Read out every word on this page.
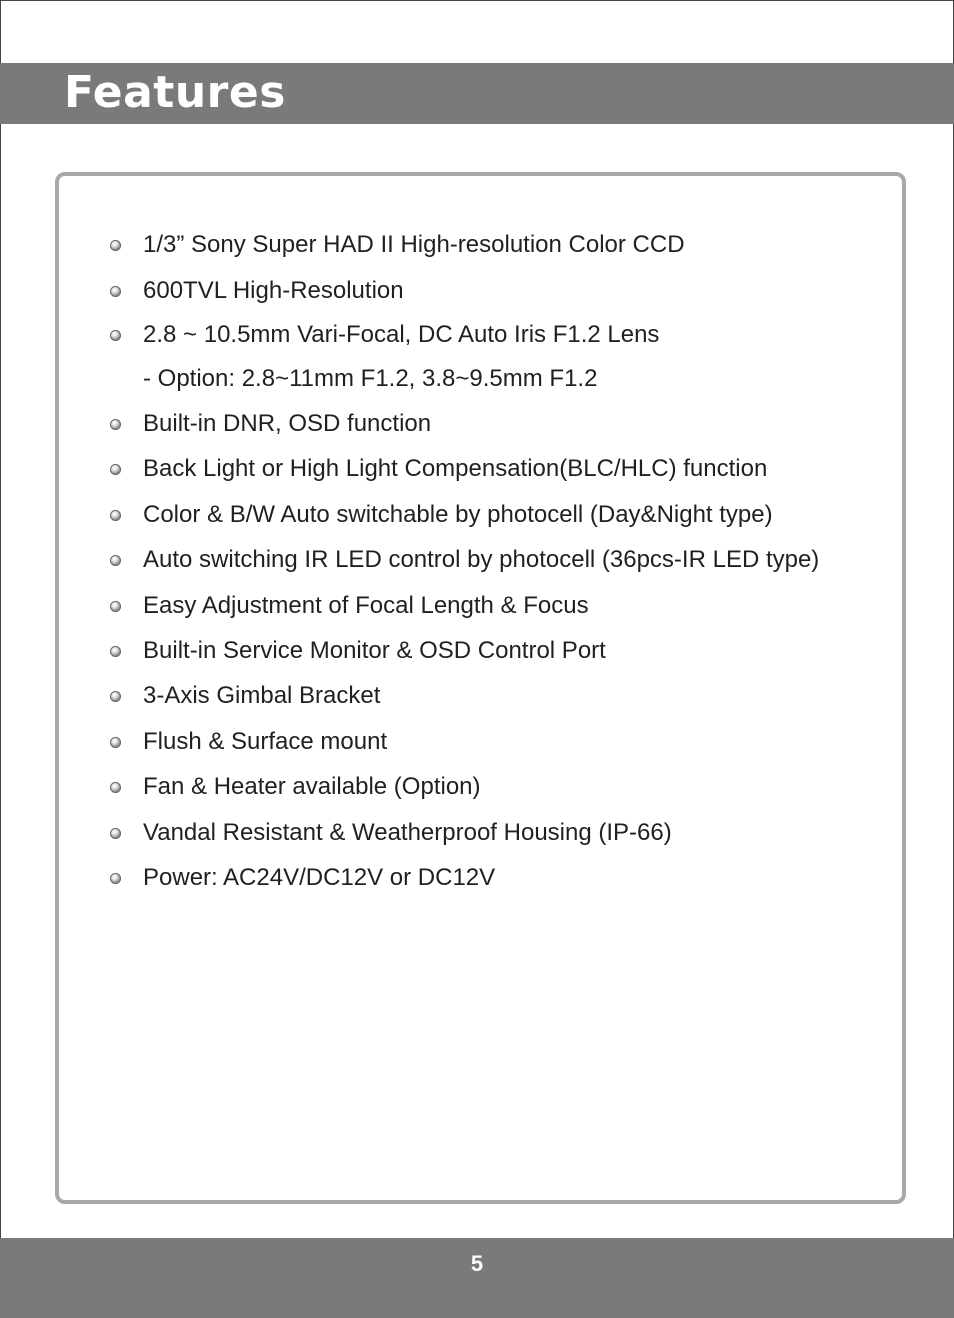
Features
1/3” Sony Super HAD II High-resolution Color CCD
600TVL High-Resolution
2.8 ~ 10.5mm Vari-Focal, DC Auto Iris F1.2 Lens
- Option: 2.8~11mm F1.2, 3.8~9.5mm F1.2
Built-in DNR, OSD function
Back Light or High Light Compensation(BLC/HLC) function
Color & B/W Auto switchable by photocell (Day&Night type)
Auto switching IR LED control by photocell (36pcs-IR LED type)
Easy Adjustment of Focal Length & Focus
Built-in Service Monitor & OSD Control Port
3-Axis Gimbal Bracket
Flush & Surface mount
Fan & Heater available (Option)
Vandal Resistant & Weatherproof Housing (IP-66)
Power: AC24V/DC12V or DC12V
5
